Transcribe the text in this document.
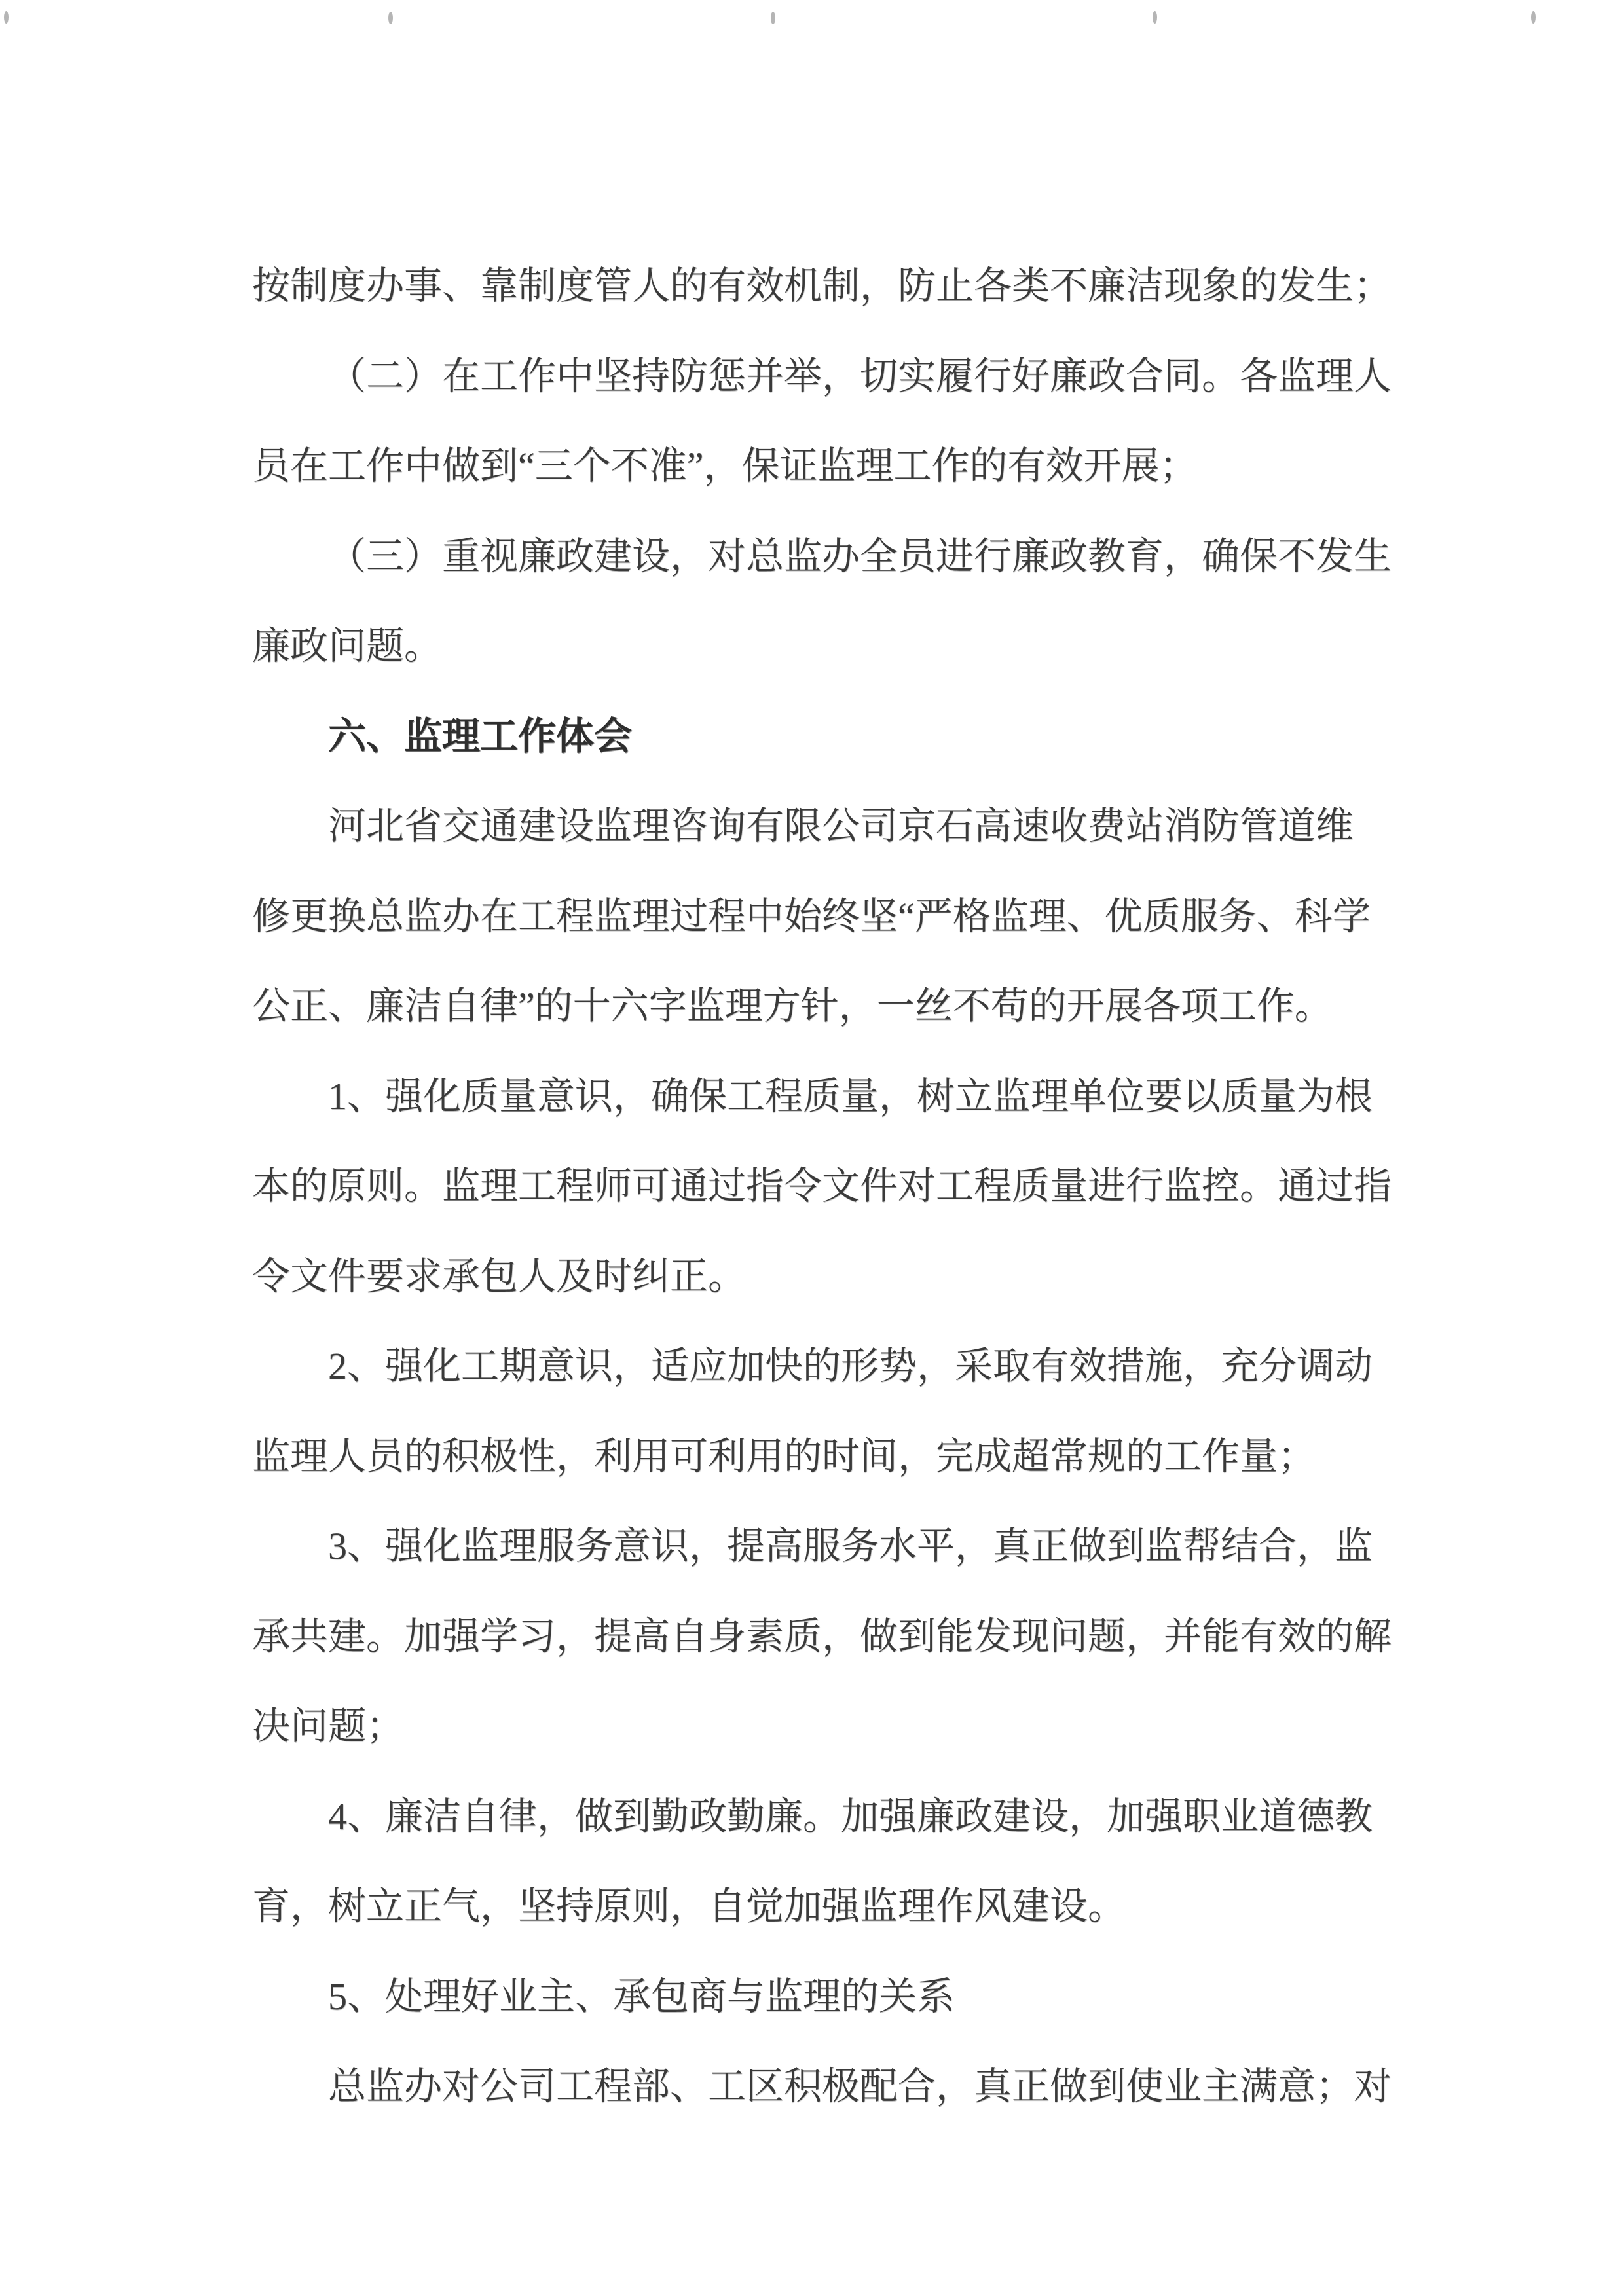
按制度办事、靠制度管人的有效机制，防止各类不廉洁现象的发生；
（二）在工作中坚持防惩并举，切实履行好廉政合同。各监理人
员在工作中做到“三个不准”，保证监理工作的有效开展；
（三）重视廉政建设，对总监办全员进行廉政教育，确保不发生
廉政问题。
六、监理工作体会
河北省交通建设监理咨询有限公司京石高速收费站消防管道维
修更换总监办在工程监理过程中始终坚“严格监理、优质服务、科学
公正、廉洁自律”的十六字监理方针，一丝不苟的开展各项工作。
1、强化质量意识，确保工程质量，树立监理单位要以质量为根
本的原则。监理工程师可通过指令文件对工程质量进行监控。通过指
令文件要求承包人及时纠正。
2、强化工期意识，适应加快的形势，采取有效措施，充分调动
监理人员的积极性，利用可利用的时间，完成超常规的工作量；
3、强化监理服务意识，提高服务水平，真正做到监帮结合，监
承共建。加强学习，提高自身素质，做到能发现问题，并能有效的解
决问题；
4、廉洁自律，做到勤政勤廉。加强廉政建设，加强职业道德教
育，树立正气，坚持原则，自觉加强监理作风建设。
5、处理好业主、承包商与监理的关系
总监办对公司工程部、工区积极配合，真正做到使业主满意；对
